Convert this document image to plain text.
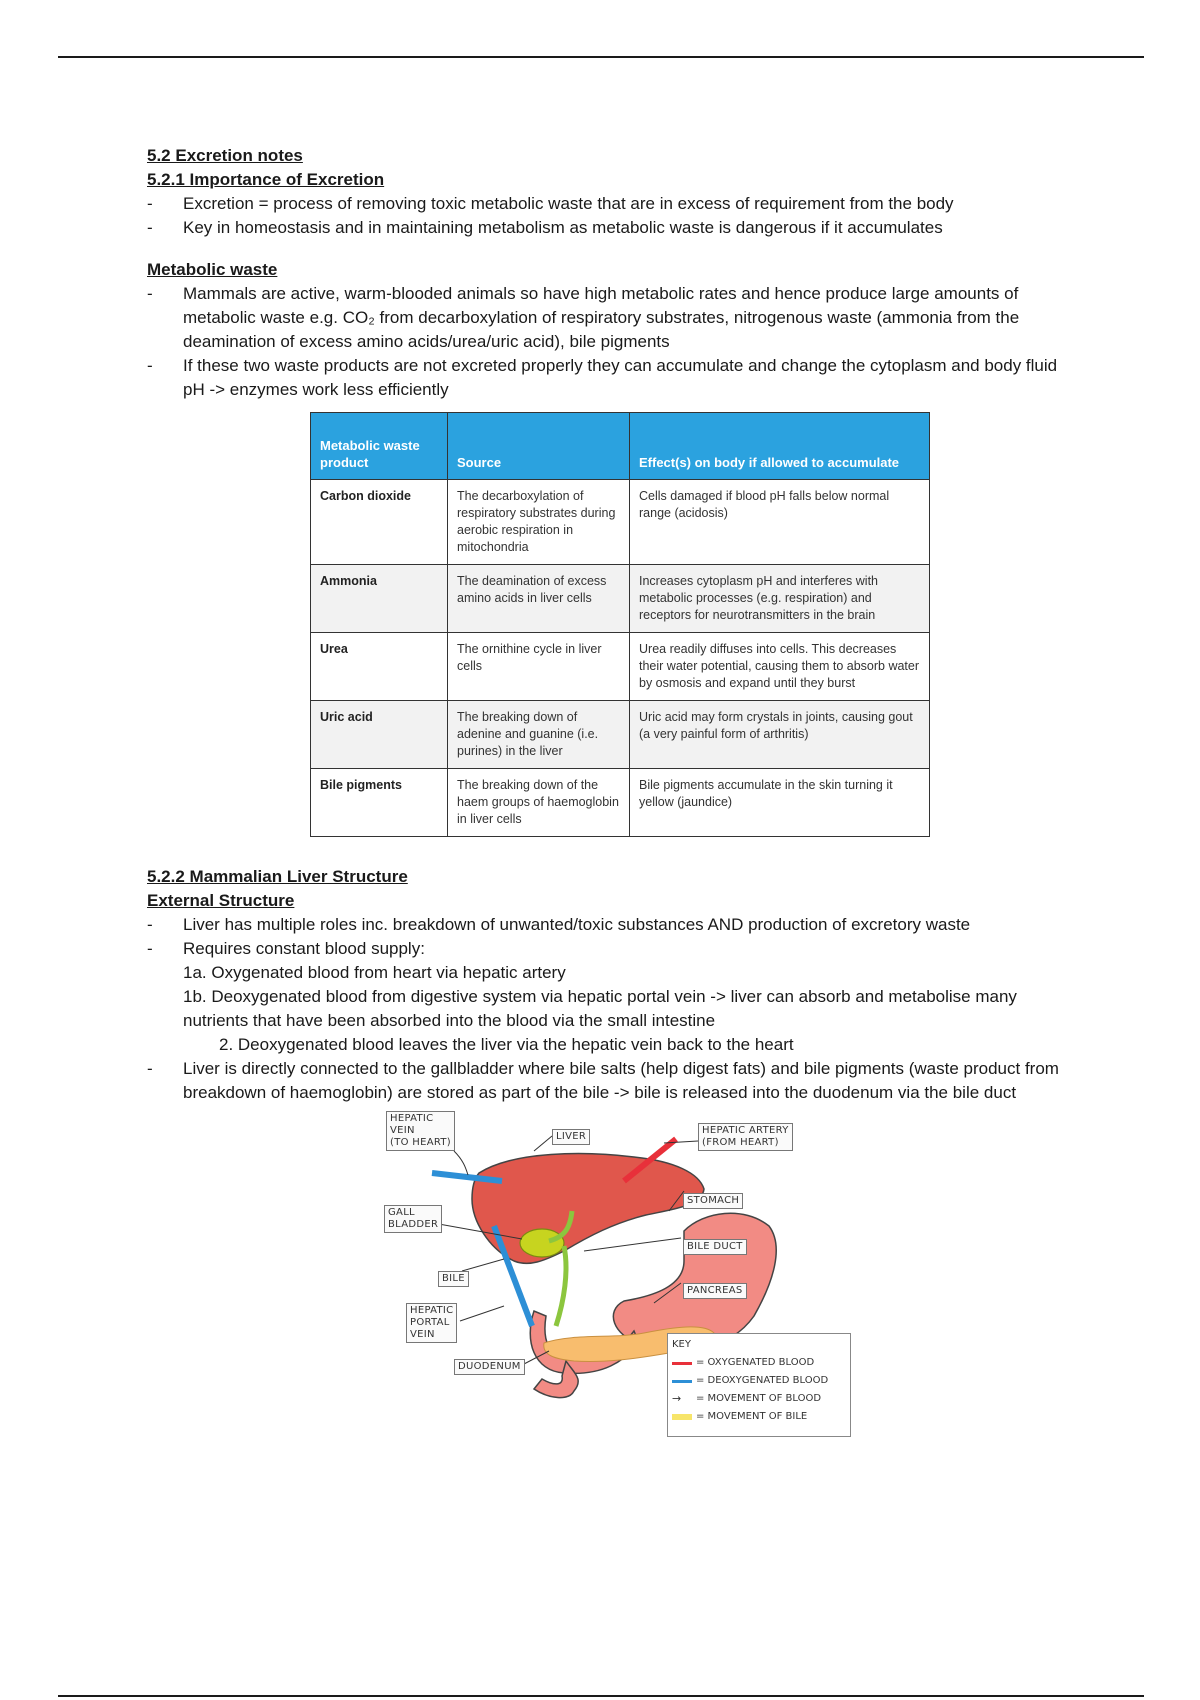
5.2 Excretion notes
5.2.1 Importance of Excretion
- Excretion = process of removing toxic metabolic waste that are in excess of requirement from the body
- Key in homeostasis and in maintaining metabolism as metabolic waste is dangerous if it accumulates
Metabolic waste
- Mammals are active, warm-blooded animals so have high metabolic rates and hence produce large amounts of metabolic waste e.g. CO₂ from decarboxylation of respiratory substrates, nitrogenous waste (ammonia from the deamination of excess amino acids/urea/uric acid), bile pigments
- If these two waste products are not excreted properly they can accumulate and change the cytoplasm and body fluid pH -> enzymes work less efficiently
Metabolic waste product	Source	Effect(s) on body if allowed to accumulate
Carbon dioxide	The decarboxylation of respiratory substrates during aerobic respiration in mitochondria	Cells damaged if blood pH falls below normal range (acidosis)
Ammonia	The deamination of excess amino acids in liver cells	Increases cytoplasm pH and interferes with metabolic processes (e.g. respiration) and receptors for neurotransmitters in the brain
Urea	The ornithine cycle in liver cells	Urea readily diffuses into cells. This decreases their water potential, causing them to absorb water by osmosis and expand until they burst
Uric acid	The breaking down of adenine and guanine (i.e. purines) in the liver	Uric acid may form crystals in joints, causing gout (a very painful form of arthritis)
Bile pigments	The breaking down of the haem groups of haemoglobin in liver cells	Bile pigments accumulate in the skin turning it yellow (jaundice)
5.2.2 Mammalian Liver Structure
External Structure
- Liver has multiple roles inc. breakdown of unwanted/toxic substances AND production of excretory waste
- Requires constant blood supply:
1a. Oxygenated blood from heart via hepatic artery
1b. Deoxygenated blood from digestive system via hepatic portal vein -> liver can absorb and metabolise many nutrients that have been absorbed into the blood via the small intestine
2. Deoxygenated blood leaves the liver via the hepatic vein back to the heart
- Liver is directly connected to the gallbladder where bile salts (help digest fats) and bile pigments (waste product from breakdown of haemoglobin) are stored as part of the bile -> bile is released into the duodenum via the bile duct
HEPATIC
VEIN
(TO HEART)
LIVER
HEPATIC ARTERY
(FROM HEART)
STOMACH
GALL
BLADDER
BILE DUCT
BILE
PANCREAS
HEPATIC
PORTAL
VEIN
DUODENUM
KEY
= OXYGENATED BLOOD
= DEOXYGENATED BLOOD
→	= MOVEMENT OF BLOOD
= MOVEMENT OF BILE
